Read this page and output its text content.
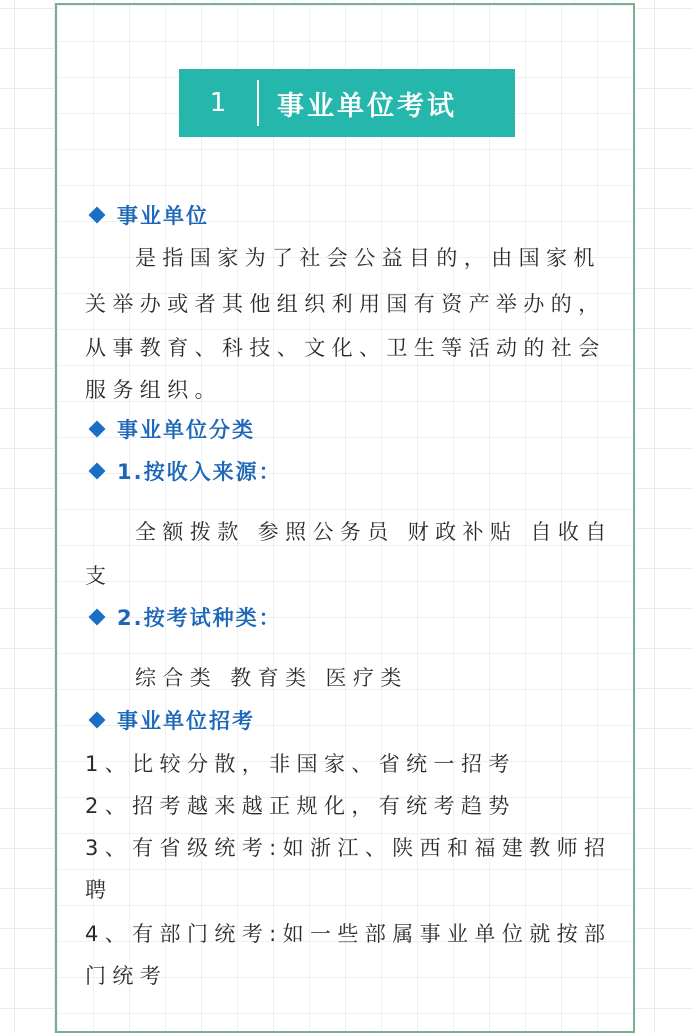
1	事业单位考试
事业单位
是指国家为了社会公益目的，由国家机
关举办或者其他组织利用国有资产举办的，
从事教育、科技、文化、卫生等活动的社会
服务组织。
事业单位分类
1.按收入来源：
全额拨款 参照公务员 财政补贴 自收自
支
2.按考试种类：
综合类 教育类 医疗类
事业单位招考
1、比较分散，非国家、省统一招考
2、招考越来越正规化，有统考趋势
3、有省级统考:如浙江、陕西和福建教师招
聘
4、有部门统考:如一些部属事业单位就按部
门统考
